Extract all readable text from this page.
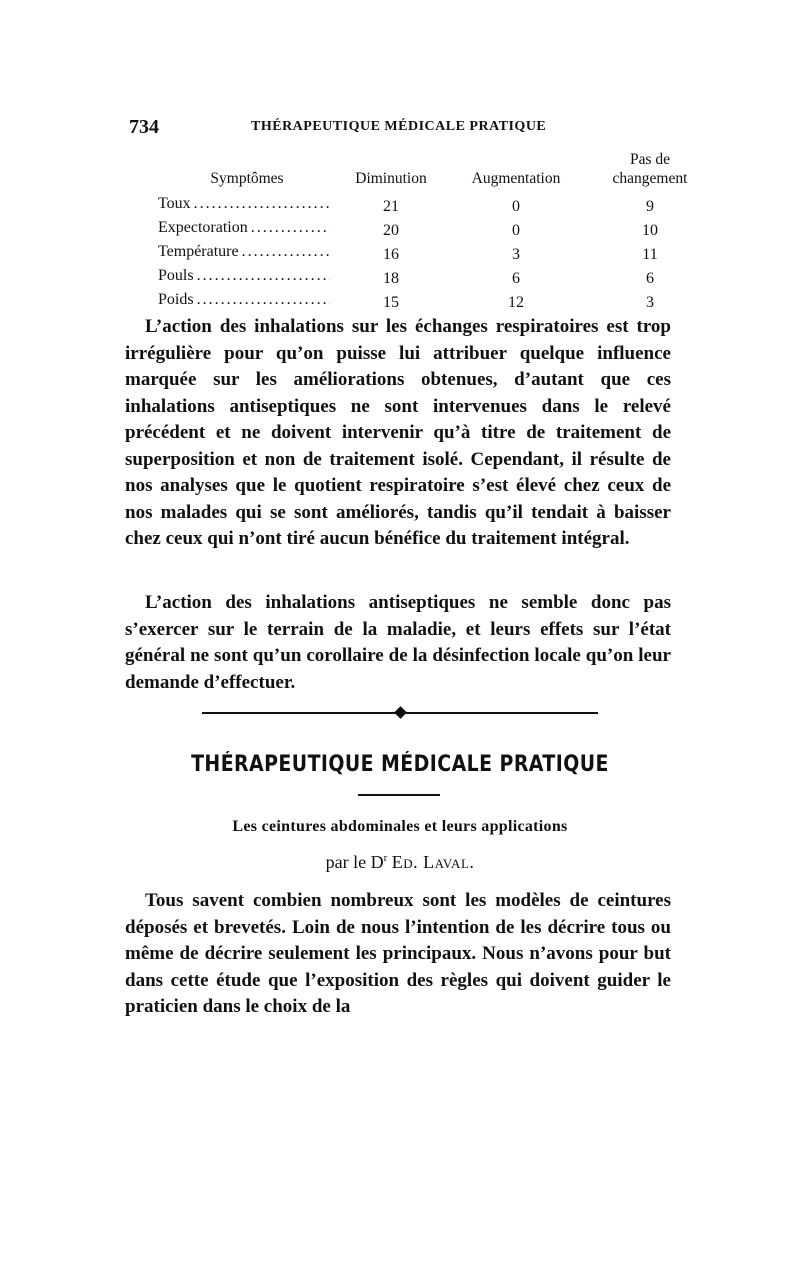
734	THÉRAPEUTIQUE MÉDICALE PRATIQUE
Symptômes	Diminution	Augmentation	Pas de
changement
Toux . . .	21	0	9
Expectoration . . .	20	0	10
Température . . .	16	3	11
Pouls . . .	18	6	6
Poids . . .	15	12	3

L’action des inhalations sur les échanges respiratoires est trop irrégulière pour qu’on puisse lui attribuer quelque influence marquée sur les améliorations obtenues, d’autant que ces inhalations antiseptiques ne sont intervenues dans le relevé précédent et ne doivent intervenir qu’à titre de traitement de superposition et non de traitement isolé. Cependant, il résulte de nos analyses que le quotient respiratoire s’est élevé chez ceux de nos malades qui se sont améliorés, tandis qu’il tendait à baisser chez ceux qui n’ont tiré aucun bénéfice du traitement intégral.

L’action des inhalations antiseptiques ne semble donc pas s’exercer sur le terrain de la maladie, et leurs effets sur l’état général ne sont qu’un corollaire de la désinfection locale qu’on leur demande d’effectuer.

THÉRAPEUTIQUE MÉDICALE PRATIQUE
Les ceintures abdominales et leurs applications
par le $D^r$ Ed. Laval.

Tous savent combien nombreux sont les modèles de ceintures déposés et brevetés. Loin de nous l’intention de les décrire tous ou même de décrire seulement les principaux. Nous n’avons pour but dans cette étude que l’exposition des règles qui doivent guider le praticien dans le choix de la
